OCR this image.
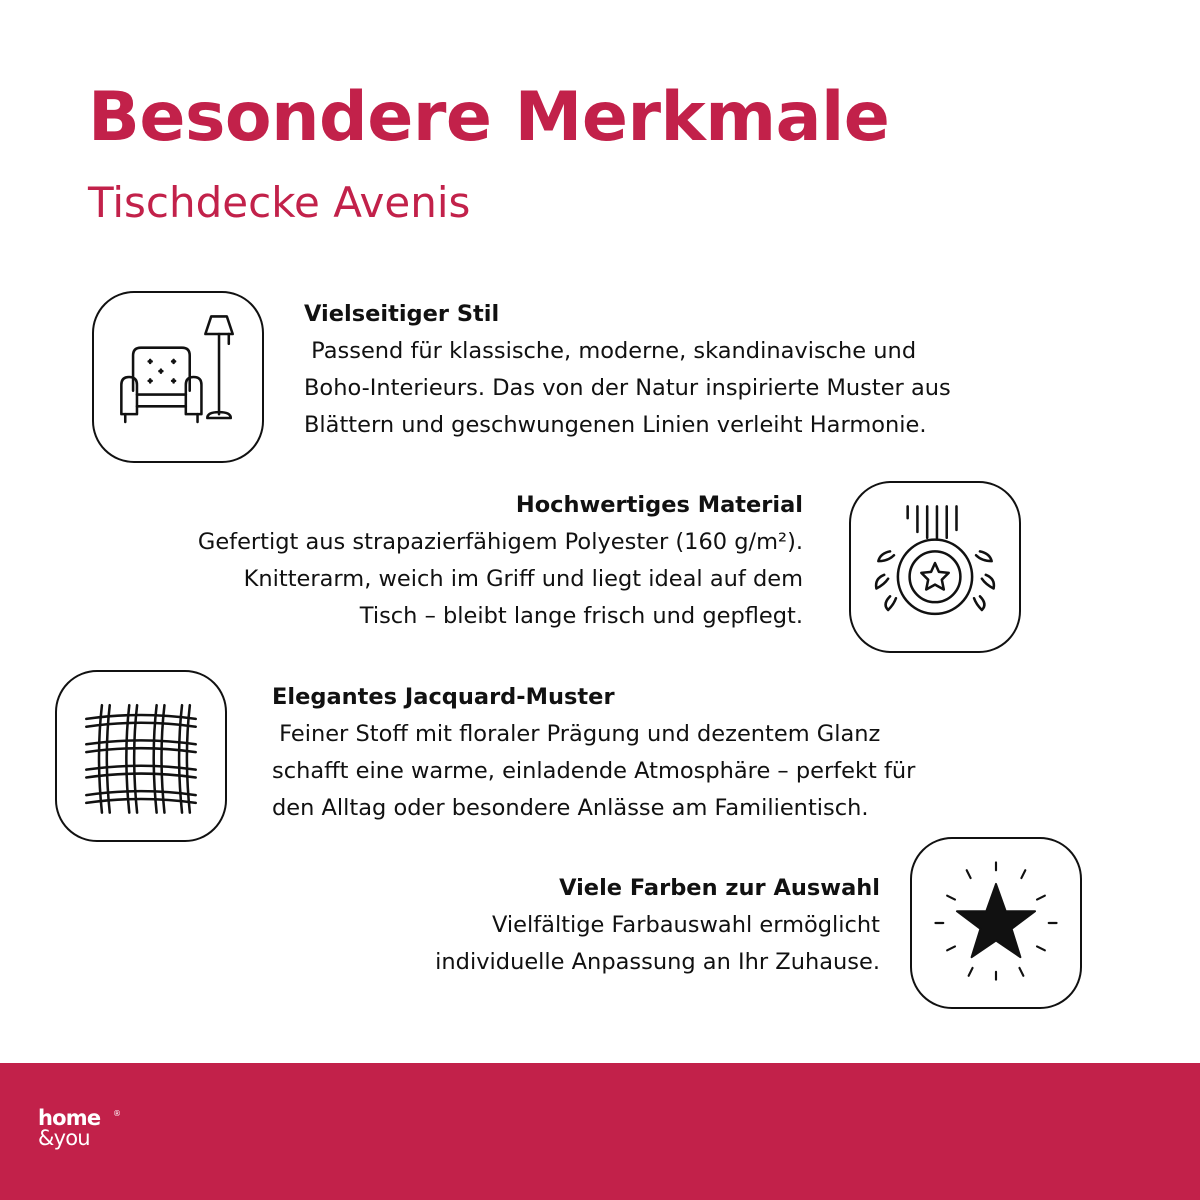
Besondere Merkmale
Tischdecke Avenis
Vielseitiger Stil
Passend für klassische, moderne, skandinavische und
Boho-Interieurs. Das von der Natur inspirierte Muster aus
Blättern und geschwungenen Linien verleiht Harmonie.
Hochwertiges Material
Gefertigt aus strapazierfähigem Polyester (160 g/m²).
Knitterarm, weich im Griff und liegt ideal auf dem
Tisch – bleibt lange frisch und gepflegt.
Elegantes Jacquard-Muster
Feiner Stoff mit floraler Prägung und dezentem Glanz
schafft eine warme, einladende Atmosphäre – perfekt für
den Alltag oder besondere Anlässe am Familientisch.
Viele Farben zur Auswahl
Vielfältige Farbauswahl ermöglicht
individuelle Anpassung an Ihr Zuhause.
home
&you
®
